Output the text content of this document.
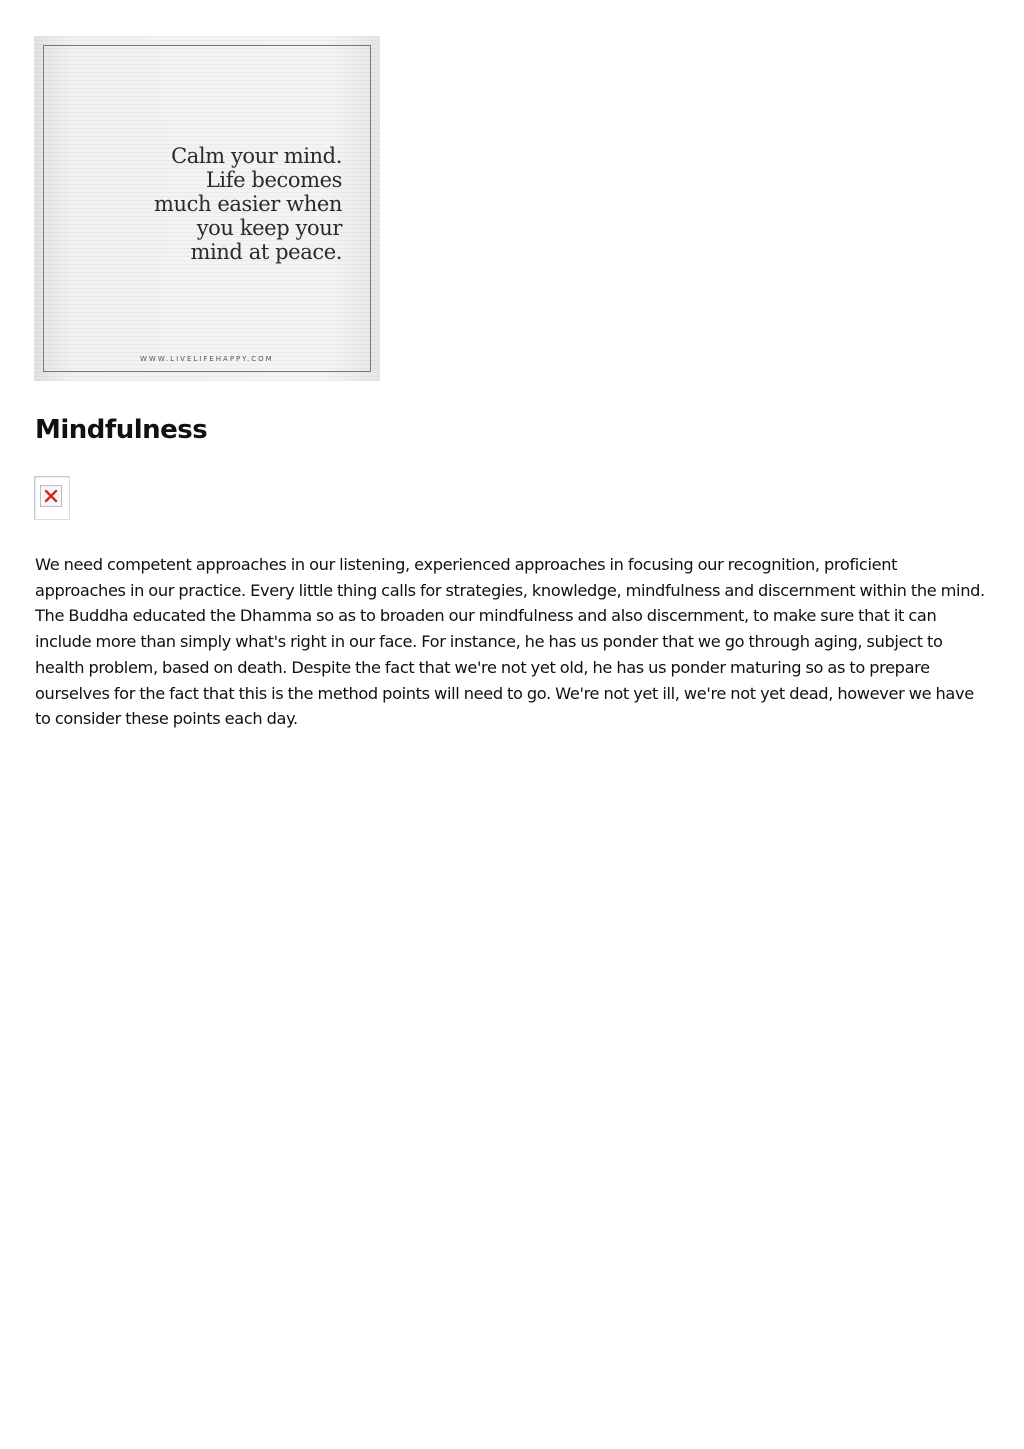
Calm your mind.
Life becomes
much easier when
you keep your
mind at peace.
WWW.LIVELIFEHAPPY.COM
Mindfulness

We need competent approaches in our listening, experienced approaches in focusing our recognition, proficient approaches in our practice. Every little thing calls for strategies, knowledge, mindfulness and discernment within the mind. The Buddha educated the Dhamma so as to broaden our mindfulness and also discernment, to make sure that it can include more than simply what's right in our face. For instance, he has us ponder that we go through aging, subject to health problem, based on death. Despite the fact that we're not yet old, he has us ponder maturing so as to prepare ourselves for the fact that this is the method points will need to go. We're not yet ill, we're not yet dead, however we have to consider these points each day.
